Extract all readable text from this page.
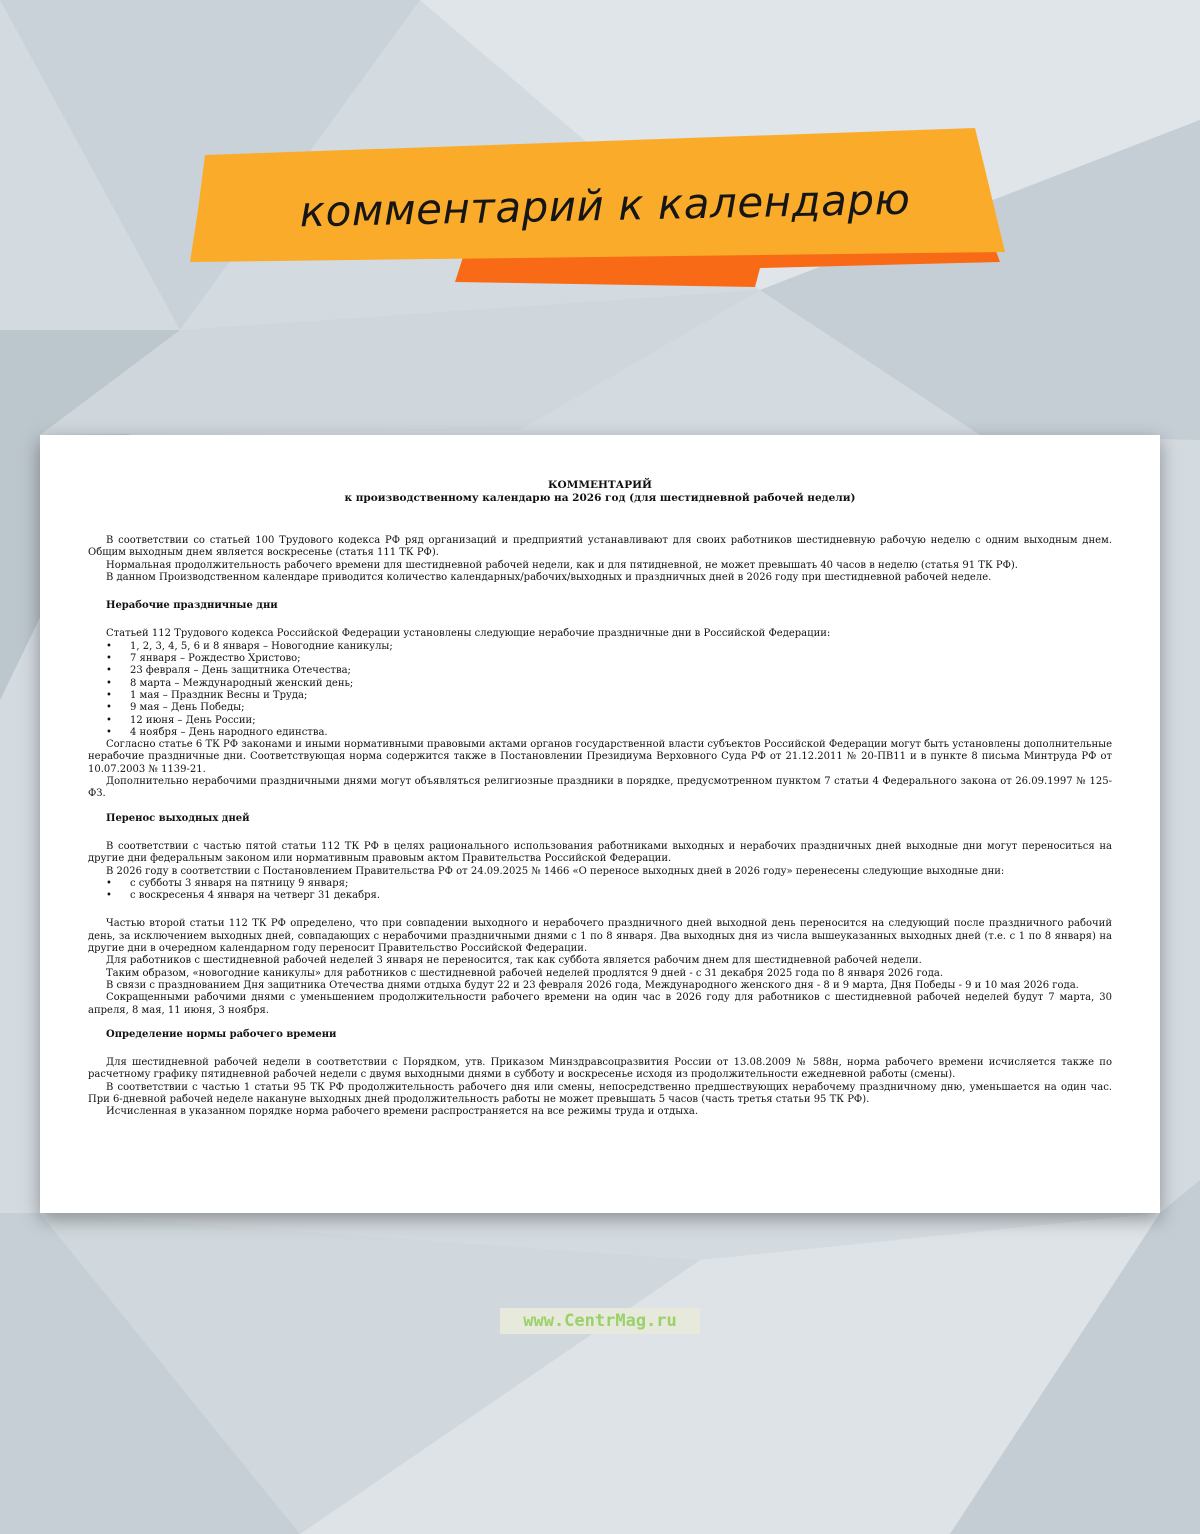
комментарий к календарю
КОММЕНТАРИЙ
к производственному календарю на 2026 год (для шестидневной рабочей недели)

В соответствии со статьей 100 Трудового кодекса РФ ряд организаций и предприятий устанавливают для своих работников шестидневную рабочую неделю с одним выходным днем. Общим выходным днем является воскресенье (статья 111 ТК РФ).

Нормальная продолжительность рабочего времени для шестидневной рабочей недели, как и для пятидневной, не может превышать 40 часов в неделю (статья 91 ТК РФ).

В данном Производственном календаре приводится количество календарных/рабочих/выходных и праздничных дней в 2026 году при шестидневной рабочей неделе.

Нерабочие праздничные дни

Статьей 112 Трудового кодекса Российской Федерации установлены следующие нерабочие праздничные дни в Российской Федерации:

• 1, 2, 3, 4, 5, 6 и 8 января – Новогодние каникулы;
• 7 января – Рождество Христово;
• 23 февраля – День защитника Отечества;
• 8 марта – Международный женский день;
• 1 мая – Праздник Весны и Труда;
• 9 мая – День Победы;
• 12 июня – День России;
• 4 ноября – День народного единства.

Согласно статье 6 ТК РФ законами и иными нормативными правовыми актами органов государственной власти субъектов Российской Федерации могут быть установлены дополнительные нерабочие праздничные дни. Соответствующая норма содержится также в Постановлении Президиума Верховного Суда РФ от 21.12.2011 № 20-ПВ11 и в пункте 8 письма Минтруда РФ от 10.07.2003 № 1139-21.

Дополнительно нерабочими праздничными днями могут объявляться религиозные праздники в порядке, предусмотренном пунктом 7 статьи 4 Федерального закона от 26.09.1997 № 125-ФЗ.

Перенос выходных дней

В соответствии с частью пятой статьи 112 ТК РФ в целях рационального использования работниками выходных и нерабочих праздничных дней выходные дни могут переноситься на другие дни федеральным законом или нормативным правовым актом Правительства Российской Федерации.

В 2026 году в соответствии с Постановлением Правительства РФ от 24.09.2025 № 1466 «О переносе выходных дней в 2026 году» перенесены следующие выходные дни:

• с субботы 3 января на пятницу 9 января;
• с воскресенья 4 января на четверг 31 декабря.

Частью второй статьи 112 ТК РФ определено, что при совпадении выходного и нерабочего праздничного дней выходной день переносится на следующий после праздничного рабочий день, за исключением выходных дней, совпадающих с нерабочими праздничными днями с 1 по 8 января. Два выходных дня из числа вышеуказанных выходных дней (т.е. с 1 по 8 января) на другие дни в очередном календарном году переносит Правительство Российской Федерации.

Для работников с шестидневной рабочей неделей 3 января не переносится, так как суббота является рабочим днем для шестидневной рабочей недели.

Таким образом, «новогодние каникулы» для работников с шестидневной рабочей неделей продлятся 9 дней - с 31 декабря 2025 года по 8 января 2026 года.

В связи с празднованием Дня защитника Отечества днями отдыха будут 22 и 23 февраля 2026 года, Международного женского дня - 8 и 9 марта, Дня Победы - 9 и 10 мая 2026 года.

Сокращенными рабочими днями с уменьшением продолжительности рабочего времени на один час в 2026 году для работников с шестидневной рабочей неделей будут 7 марта, 30 апреля, 8 мая, 11 июня, 3 ноября.

Определение нормы рабочего времени

Для шестидневной рабочей недели в соответствии с Порядком, утв. Приказом Минздравсоцразвития России от 13.08.2009 № 588н, норма рабочего времени исчисляется также по расчетному графику пятидневной рабочей недели с двумя выходными днями в субботу и воскресенье исходя из продолжительности ежедневной работы (смены).

В соответствии с частью 1 статьи 95 ТК РФ продолжительность рабочего дня или смены, непосредственно предшествующих нерабочему праздничному дню, уменьшается на один час. При 6-дневной рабочей неделе накануне выходных дней продолжительность работы не может превышать 5 часов (часть третья статьи 95 ТК РФ).

Исчисленная в указанном порядке норма рабочего времени распространяется на все режимы труда и отдыха.

www.CentrMag.ru
